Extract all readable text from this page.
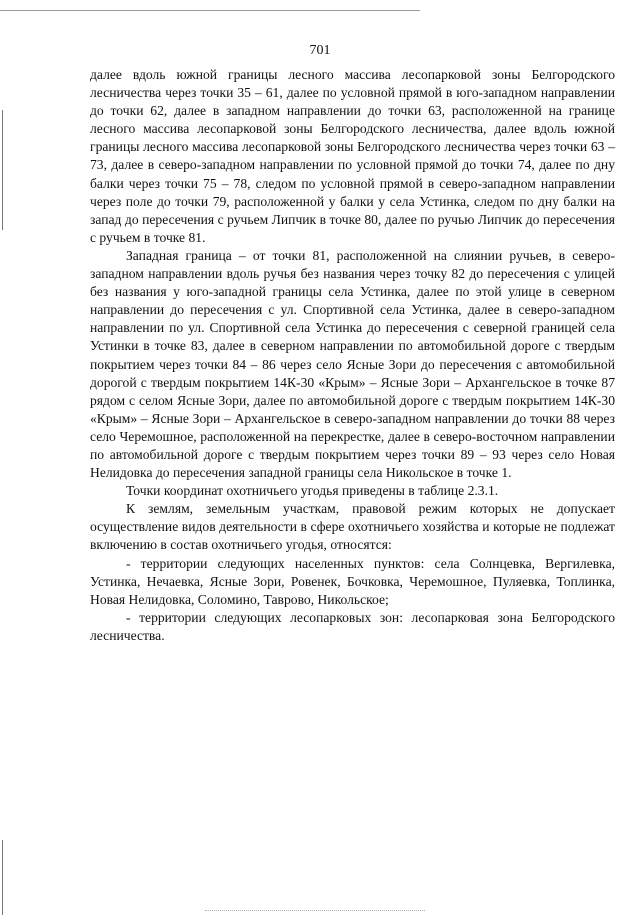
701

далее вдоль южной границы лесного массива лесопарковой зоны Белгородского лесничества через точки 35 – 61, далее по условной прямой в юго-западном направлении до точки 62, далее в западном направлении до точки 63, расположенной на границе лесного массива лесопарковой зоны Белгородского лесничества, далее вдоль южной границы лесного массива лесопарковой зоны Белгородского лесничества через точки 63 – 73, далее в северо-западном направлении по условной прямой до точки 74, далее по дну балки через точки 75 – 78, следом по условной прямой в северо-западном направлении через поле до точки 79, расположенной у балки у села Устинка, следом по дну балки на запад до пересечения с ручьем Липчик в точке 80, далее по ручью Липчик до пересечения с ручьем в точке 81.

Западная граница – от точки 81, расположенной на слиянии ручьев, в северо-западном направлении вдоль ручья без названия через точку 82 до пересечения с улицей без названия у юго-западной границы села Устинка, далее по этой улице в северном направлении до пересечения с ул. Спортивной села Устинка, далее в северо-западном направлении по ул. Спортивной села Устинка до пересечения с северной границей села Устинки в точке 83, далее в северном направлении по автомобильной дороге с твердым покрытием через точки 84 – 86 через село Ясные Зори до пересечения с автомобильной дорогой с твердым покрытием 14К-30 «Крым» – Ясные Зори – Архангельское в точке 87 рядом с селом Ясные Зори, далее по автомобильной дороге с твердым покрытием 14К-30 «Крым» – Ясные Зори – Архангельское в северо-западном направлении до точки 88 через село Черемошное, расположенной на перекрестке, далее в северо-восточном направлении по автомобильной дороге с твердым покрытием через точки 89 – 93 через село Новая Нелидовка до пересечения западной границы села Никольское в точке 1.

Точки координат охотничьего угодья приведены в таблице 2.3.1.

К землям, земельным участкам, правовой режим которых не допускает осуществление видов деятельности в сфере охотничьего хозяйства и которые не подлежат включению в состав охотничьего угодья, относятся:

- территории следующих населенных пунктов: села Солнцевка, Вергилевка, Устинка, Нечаевка, Ясные Зори, Ровенек, Бочковка, Черемошное, Пуляевка, Топлинка, Новая Нелидовка, Соломино, Таврово, Никольское;

- территории следующих лесопарковых зон: лесопарковая зона Белгородского лесничества.
